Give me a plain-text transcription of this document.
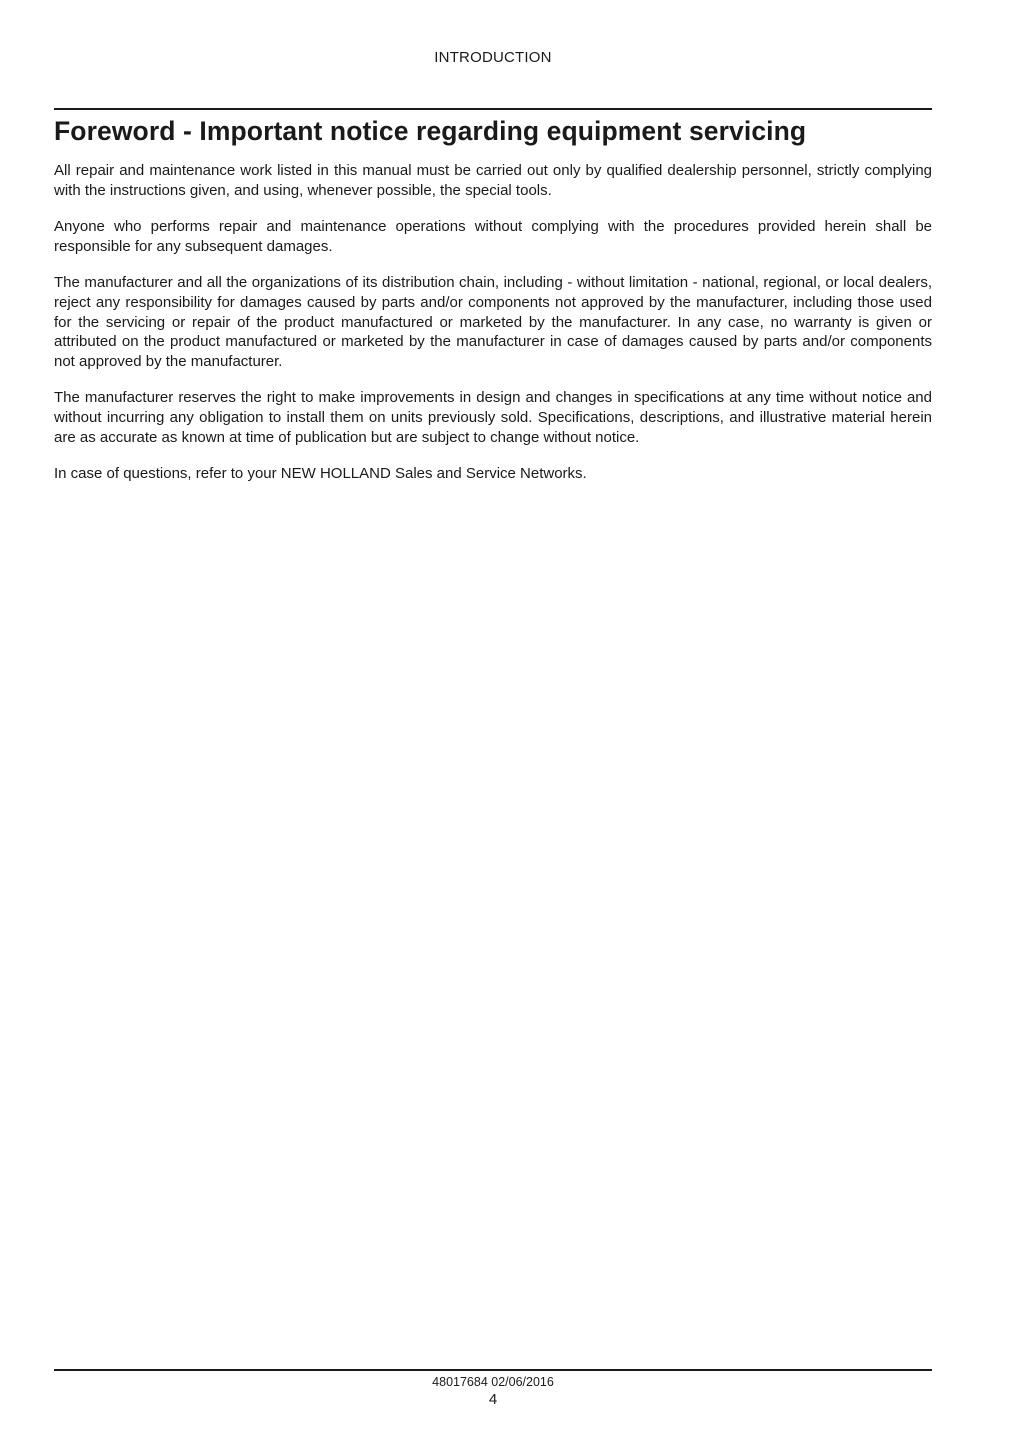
INTRODUCTION
Foreword - Important notice regarding equipment servicing

All repair and maintenance work listed in this manual must be carried out only by qualified dealership personnel, strictly complying with the instructions given, and using, whenever possible, the special tools.

Anyone who performs repair and maintenance operations without complying with the procedures provided herein shall be responsible for any subsequent damages.

The manufacturer and all the organizations of its distribution chain, including - without limitation - national, regional, or local dealers, reject any responsibility for damages caused by parts and/or components not approved by the manufacturer, including those used for the servicing or repair of the product manufactured or marketed by the manufacturer. In any case, no warranty is given or attributed on the product manufactured or marketed by the manufacturer in case of damages caused by parts and/or components not approved by the manufacturer.

The manufacturer reserves the right to make improvements in design and changes in specifications at any time without notice and without incurring any obligation to install them on units previously sold. Specifications, descriptions, and illustrative material herein are as accurate as known at time of publication but are subject to change without notice.

In case of questions, refer to your NEW HOLLAND Sales and Service Networks.

48017684 02/06/2016
4
